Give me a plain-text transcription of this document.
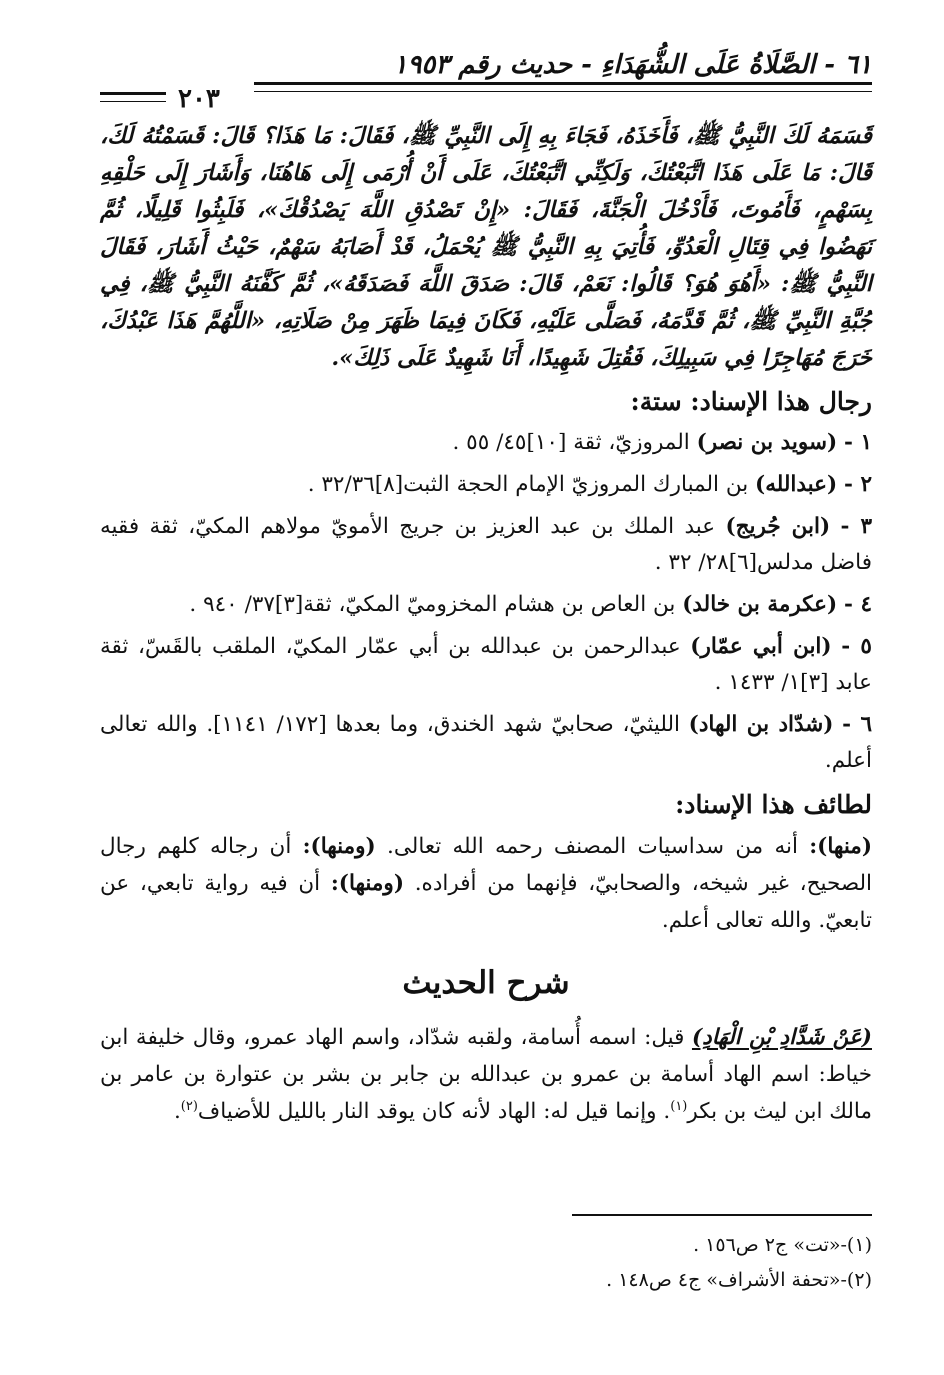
٦١ - الصَّلَاةُ عَلَى الشُّهَدَاءِ - حديث رقم ١٩٥٣
٢٠٣

قَسَمَهُ لَكَ النَّبِيُّ ﷺ، فَأَخَذَهُ، فَجَاءَ بِهِ إِلَى النَّبِيِّ ﷺ، فَقَالَ: مَا هَذَا؟ قَالَ: قَسَمْتُهُ لَكَ، قَالَ: مَا عَلَى هَذَا اتَّبَعْتُكَ، وَلَكِنِّي اتَّبَعْتُكَ، عَلَى أَنْ أُرْمَى إِلَى هَاهُنَا، وَأَشَارَ إِلَى حَلْقِهِ بِسَهْمٍ، فَأَمُوتَ، فَأَدْخُلَ الْجَنَّةَ، فَقَالَ: «إِنْ تَصْدُقِ اللَّهَ يَصْدُقْكَ»، فَلَبِثُوا قَلِيلًا، ثُمَّ نَهَضُوا فِي قِتَالِ الْعَدُوِّ، فَأُتِيَ بِهِ النَّبِيُّ ﷺ يُحْمَلُ، قَدْ أَصَابَهُ سَهْمٌ، حَيْثُ أَشَارَ، فَقَالَ النَّبِيُّ ﷺ: «أَهُوَ هُوَ؟ قَالُوا: نَعَمْ، قَالَ: صَدَقَ اللَّهَ فَصَدَقَهُ»، ثُمَّ كَفَّنَهُ النَّبِيُّ ﷺ، فِي جُبَّةِ النَّبِيِّ ﷺ، ثُمَّ قَدَّمَهُ، فَصَلَّى عَلَيْهِ، فَكَانَ فِيمَا ظَهَرَ مِنْ صَلَاتِهِ، «اللَّهُمَّ هَذَا عَبْدُكَ، خَرَجَ مُهَاجِرًا فِي سَبِيلِكَ، فَقُتِلَ شَهِيدًا، أَنَا شَهِيدٌ عَلَى ذَلِكَ».

رجال هذا الإسناد: ستة:

١ - (سويد بن نصر) المروزيّ، ثقة [١٠]٤٥/ ٥٥ .

٢ - (عبدالله) بن المبارك المروزيّ الإمام الحجة الثبت[٨]٣٢/٣٦ .

٣ - (ابن جُريج) عبد الملك بن عبد العزيز بن جريج الأمويّ مولاهم المكيّ، ثقة فقيه فاضل مدلس[٦]٢٨/ ٣٢ .

٤ - (عكرمة بن خالد) بن العاص بن هشام المخزوميّ المكيّ، ثقة[٣]٣٧/ ٩٤٠ .

٥ - (ابن أبي عمّار) عبدالرحمن بن عبدالله بن أبي عمّار المكيّ، الملقب بالقَسّ، ثقة عابد [٣]١/ ١٤٣٣ .

٦ - (شدّاد بن الهاد) الليثيّ، صحابيّ شهد الخندق، وما بعدها [١٧٢/ ١١٤١]. والله تعالى أعلم.

لطائف هذا الإسناد:

(منها): أنه من سداسيات المصنف رحمه الله تعالى. (ومنها): أن رجاله كلهم رجال الصحيح، غير شيخه، والصحابيّ، فإنهما من أفراده. (ومنها): أن فيه رواية تابعي، عن تابعيّ. والله تعالى أعلم.

شرح الحديث

(عَنْ شَدَّادِ بْنِ الْهَادِ) قيل: اسمه أُسامة، ولقبه شدّاد، واسم الهاد عمرو، وقال خليفة ابن خياط: اسم الهاد أسامة بن عمرو بن عبدالله بن جابر بن بشر بن عتوارة بن عامر بن مالك ابن ليث بن بكر$^{(١)}$. وإنما قيل له: الهاد لأنه كان يوقد النار بالليل للأضياف$^{(٢)}$.

(١)-«تت» ج٢ ص١٥٦ .

(٢)-«تحفة الأشراف» ج٤ ص١٤٨ .
